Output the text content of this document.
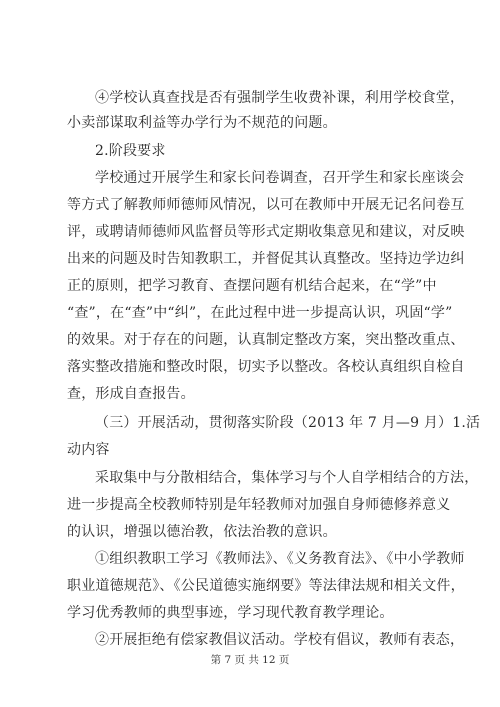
④学校认真查找是否有强制学生收费补课，利用学校食堂，
小卖部谋取利益等办学行为不规范的问题。
2.阶段要求
学校通过开展学生和家长问卷调查，召开学生和家长座谈会
等方式了解教师师德师风情况，以可在教师中开展无记名问卷互
评，或聘请师德师风监督员等形式定期收集意见和建议，对反映
出来的问题及时告知教职工，并督促其认真整改。坚持边学边纠
正的原则，把学习教育、查摆问题有机结合起来，在“学”中
“查”，在“查”中“纠”，在此过程中进一步提高认识，巩固“学”
的效果。对于存在的问题，认真制定整改方案，突出整改重点、
落实整改措施和整改时限，切实予以整改。各校认真组织自检自
查，形成自查报告。
（三）开展活动，贯彻落实阶段（2013 年 7 月—9 月）1.活
动内容
采取集中与分散相结合，集体学习与个人自学相结合的方法，
进一步提高全校教师特别是年轻教师对加强自身师德修养意义
的认识，增强以德治教，依法治教的意识。
①组织教职工学习《教师法》、《义务教育法》、《中小学教师
职业道德规范》、《公民道德实施纲要》等法律法规和相关文件，
学习优秀教师的典型事迹，学习现代教育教学理论。
②开展拒绝有偿家教倡议活动。学校有倡议，教师有表态，
第 7 页 共 12 页
